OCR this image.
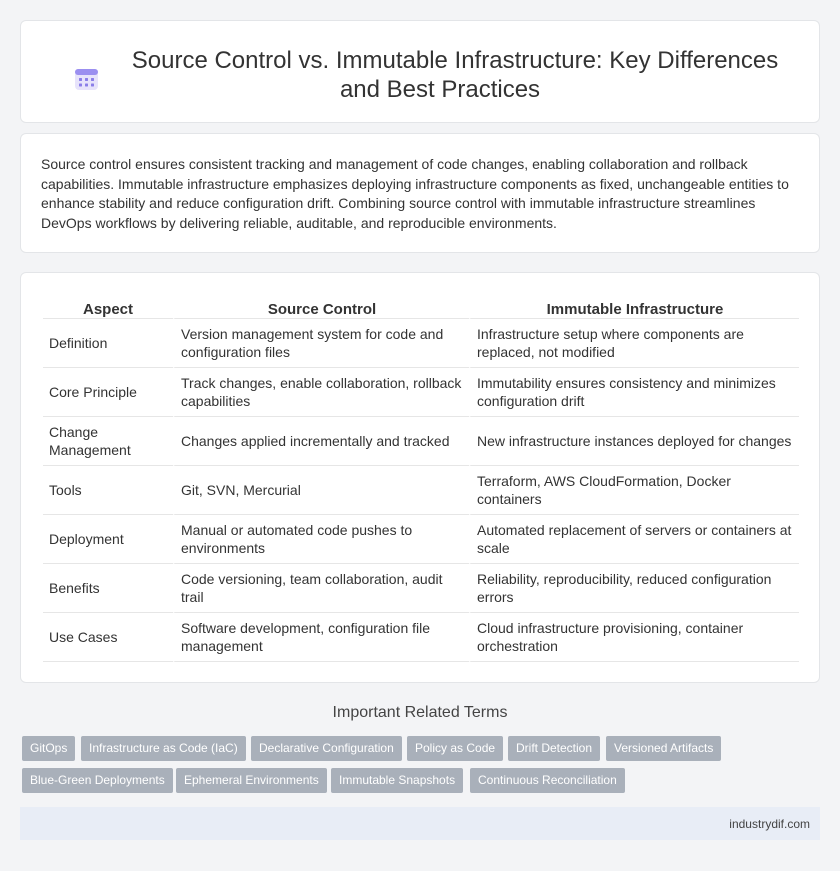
Source Control vs. Immutable Infrastructure: Key Differences and Best Practices

Source control ensures consistent tracking and management of code changes, enabling collaboration and rollback capabilities. Immutable infrastructure emphasizes deploying infrastructure components as fixed, unchangeable entities to enhance stability and reduce configuration drift. Combining source control with immutable infrastructure streamlines DevOps workflows by delivering reliable, auditable, and reproducible environments.

Aspect	Source Control	Immutable Infrastructure
Definition	Version management system for code and configuration files	Infrastructure setup where components are replaced, not modified
Core Principle	Track changes, enable collaboration, rollback capabilities	Immutability ensures consistency and minimizes configuration drift
Change Management	Changes applied incrementally and tracked	New infrastructure instances deployed for changes
Tools	Git, SVN, Mercurial	Terraform, AWS CloudFormation, Docker containers
Deployment	Manual or automated code pushes to environments	Automated replacement of servers or containers at scale
Benefits	Code versioning, team collaboration, audit trail	Reliability, reproducibility, reduced configuration errors
Use Cases	Software development, configuration file management	Cloud infrastructure provisioning, container orchestration
Important Related Terms
GitOps	Infrastructure as Code (IaC)	Declarative Configuration	Policy as Code	Drift Detection	Versioned Artifacts
Blue-Green Deployments	Ephemeral Environments	Immutable Snapshots	Continuous Reconciliation
industrydif.com
